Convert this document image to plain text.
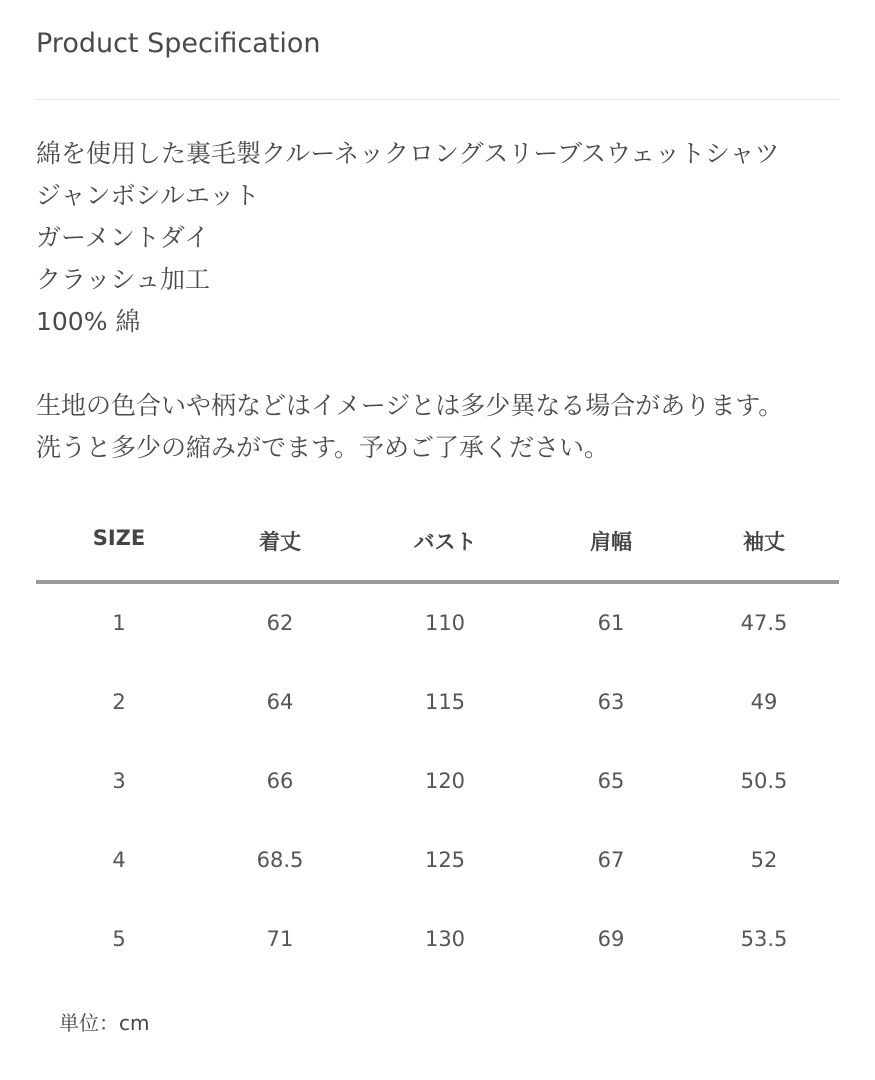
Product Specification
綿を使用した裏毛製クルーネックロングスリーブスウェットシャツ
ジャンボシルエット
ガーメントダイ
クラッシュ加工
100% 綿
生地の色合いや柄などはイメージとは多少異なる場合があります。
洗うと多少の縮みがでます。予めご了承ください。
SIZE	着丈	バスト	肩幅	袖丈
1	62	110	61	47.5
2	64	115	63	49
3	66	120	65	50.5
4	68.5	125	67	52
5	71	130	69	53.5
単位：cm
